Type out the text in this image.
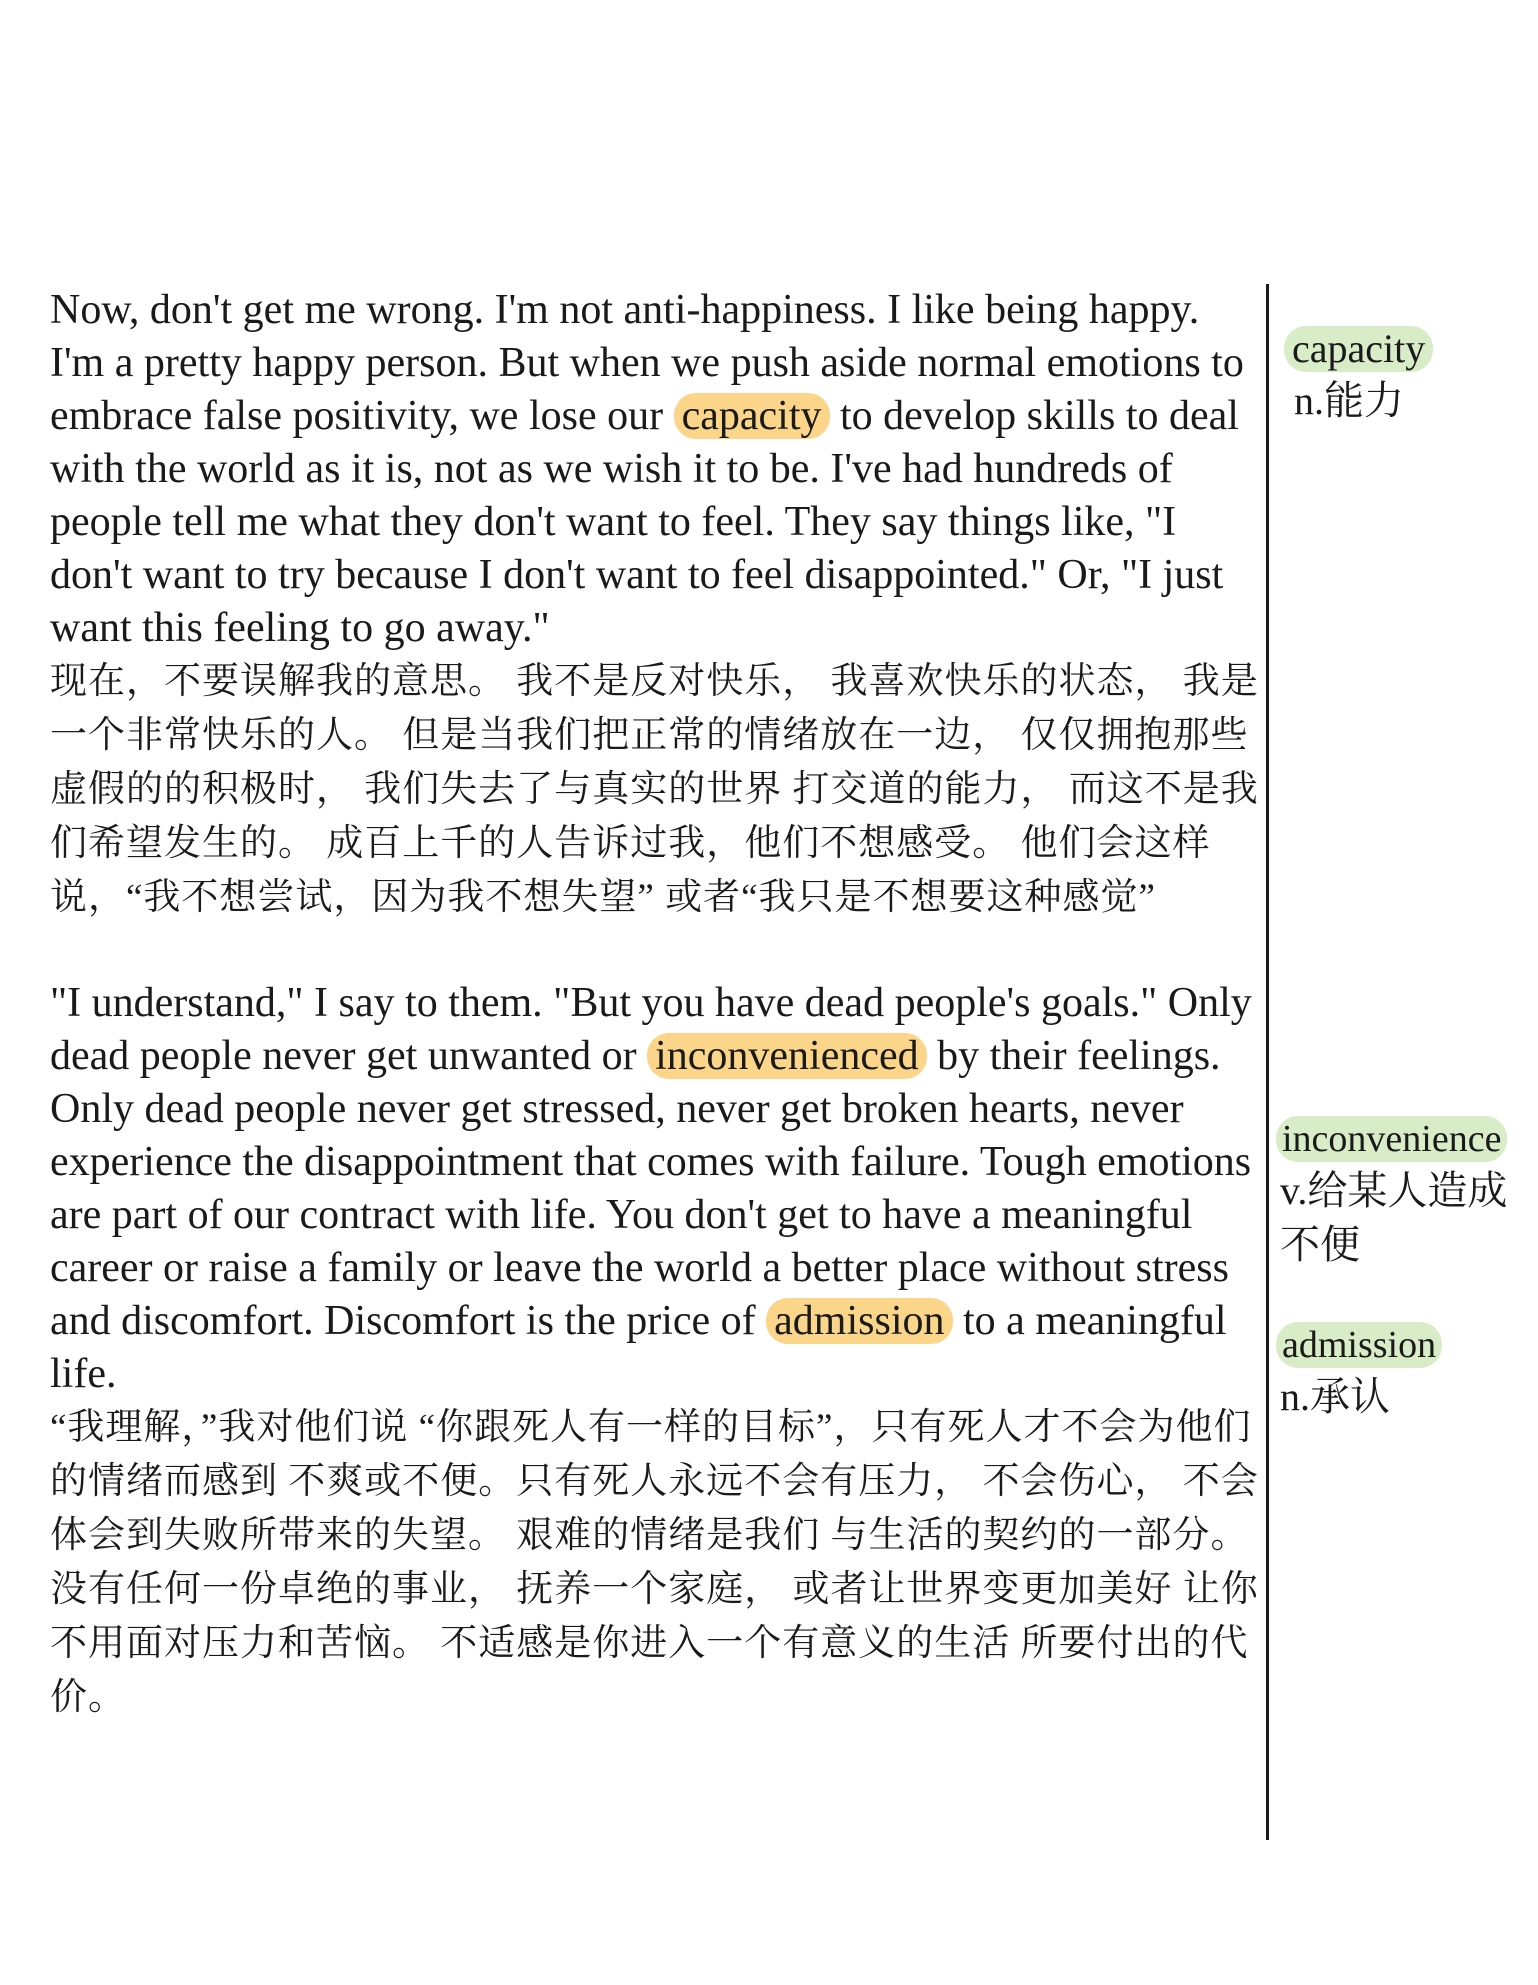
Now, don't get me wrong. I'm not anti-happiness. I like being happy. I'm a pretty happy person. But when we push aside normal emotions to embrace false positivity, we lose our capacity to develop skills to deal with the world as it is, not as we wish it to be. I've had hundreds of people tell me what they don't want to feel. They say things like, "I don't want to try because I don't want to feel disappointed." Or, "I just want this feeling to go away."

现在，不要误解我的意思。 我不是反对快乐， 我喜欢快乐的状态， 我是一个非常快乐的人。 但是当我们把正常的情绪放在一边， 仅仅拥抱那些虚假的的积极时， 我们失去了与真实的世界 打交道的能力， 而这不是我们希望发生的。 成百上千的人告诉过我，他们不想感受。 他们会这样说，“我不想尝试，因为我不想失望” 或者“我只是不想要这种感觉”

"I understand," I say to them. "But you have dead people's goals." Only dead people never get unwanted or inconvenienced by their feelings. Only dead people never get stressed, never get broken hearts, never experience the disappointment that comes with failure. Tough emotions are part of our contract with life. You don't get to have a meaningful career or raise a family or leave the world a better place without stress and discomfort. Discomfort is the price of admission to a meaningful life.

“我理解，”我对他们说 “你跟死人有一样的目标”，只有死人才不会为他们的情绪而感到 不爽或不便。只有死人永远不会有压力， 不会伤心， 不会体会到失败所带来的失望。 艰难的情绪是我们 与生活的契约的一部分。 没有任何一份卓绝的事业， 抚养一个家庭， 或者让世界变更加美好 让你不用面对压力和苦恼。 不适感是你进入一个有意义的生活 所要付出的代价。

capacity
n.能力
inconvenience
v.给某人造成不便
admission
n.承认
